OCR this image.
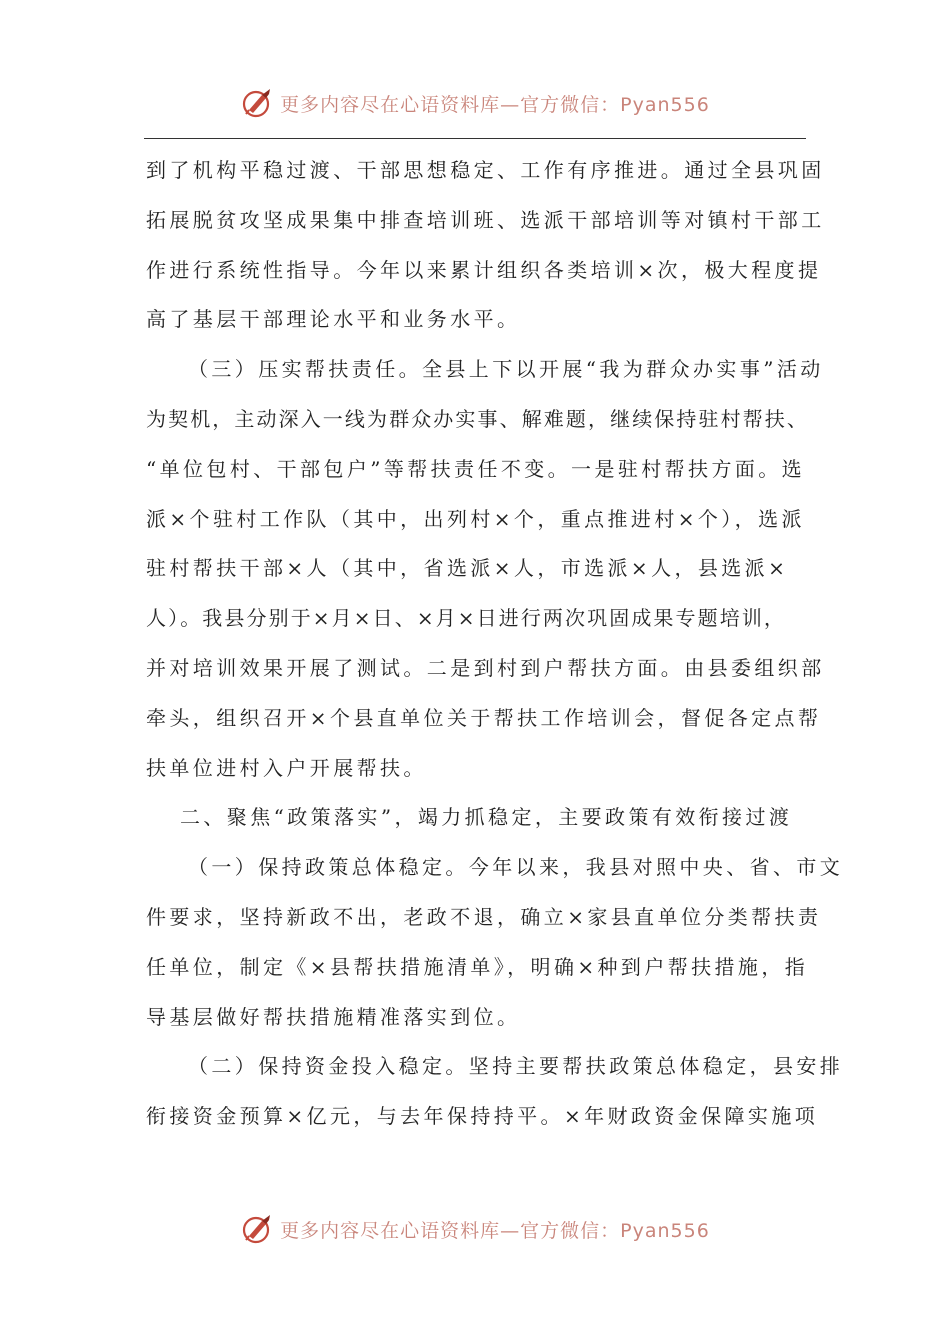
更多内容尽在心语资料库—官方微信：Pyan556
到了机构平稳过渡、干部思想稳定、工作有序推进。通过全县巩固
拓展脱贫攻坚成果集中排查培训班、选派干部培训等对镇村干部工
作进行系统性指导。今年以来累计组织各类培训×次，极大程度提
高了基层干部理论水平和业务水平。
（三）压实帮扶责任。全县上下以开展“我为群众办实事”活动
为契机，主动深入一线为群众办实事、解难题，继续保持驻村帮扶、
“单位包村、干部包户”等帮扶责任不变。一是驻村帮扶方面。选
派×个驻村工作队（其中，出列村×个，重点推进村×个），选派
驻村帮扶干部×人（其中，省选派×人，市选派×人，县选派×
人）。我县分别于×月×日、×月×日进行两次巩固成果专题培训，
并对培训效果开展了测试。二是到村到户帮扶方面。由县委组织部
牵头，组织召开×个县直单位关于帮扶工作培训会，督促各定点帮
扶单位进村入户开展帮扶。
二、聚焦“政策落实”，竭力抓稳定，主要政策有效衔接过渡
（一）保持政策总体稳定。今年以来，我县对照中央、省、市文
件要求，坚持新政不出，老政不退，确立×家县直单位分类帮扶责
任单位，制定《×县帮扶措施清单》，明确×种到户帮扶措施，指
导基层做好帮扶措施精准落实到位。
（二）保持资金投入稳定。坚持主要帮扶政策总体稳定，县安排
衔接资金预算×亿元，与去年保持持平。×年财政资金保障实施项
更多内容尽在心语资料库—官方微信：Pyan556
